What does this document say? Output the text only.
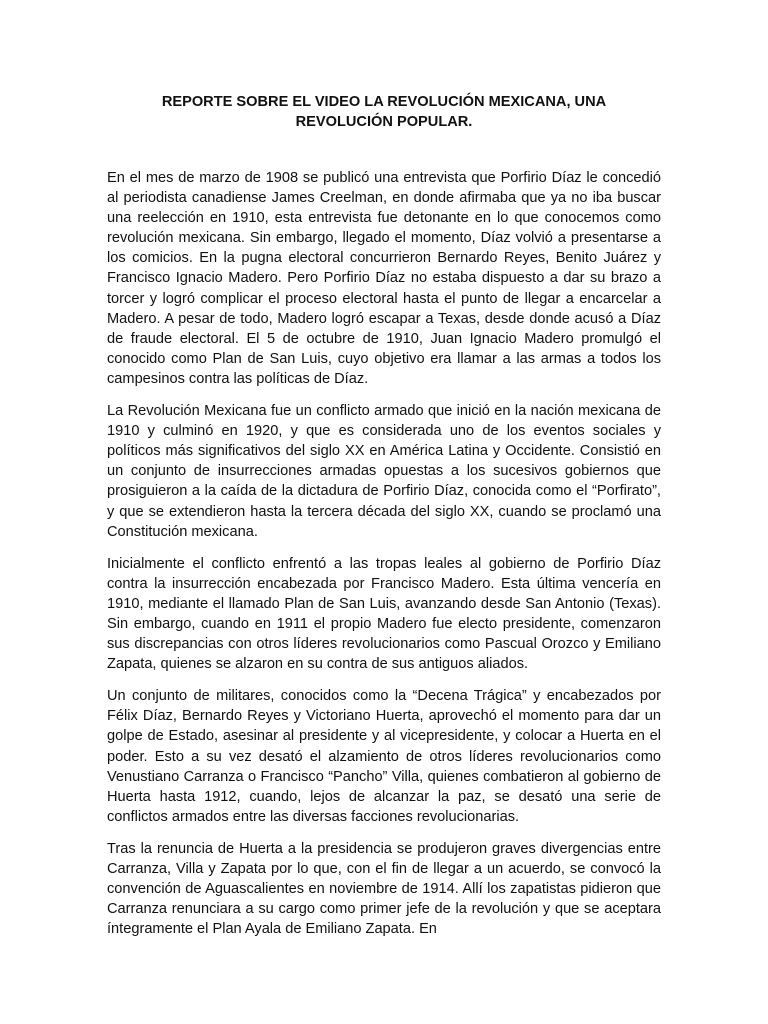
REPORTE SOBRE EL VIDEO LA REVOLUCIÓN MEXICANA, UNA
REVOLUCIÓN POPULAR.

En el mes de marzo de 1908 se publicó una entrevista que Porfirio Díaz le concedió al periodista canadiense James Creelman, en donde afirmaba que ya no iba buscar una reelección en 1910, esta entrevista fue detonante en lo que conocemos como revolución mexicana. Sin embargo, llegado el momento, Díaz volvió a presentarse a los comicios. En la pugna electoral concurrieron Bernardo Reyes, Benito Juárez y Francisco Ignacio Madero. Pero Porfirio Díaz no estaba dispuesto a dar su brazo a torcer y logró complicar el proceso electoral hasta el punto de llegar a encarcelar a Madero. A pesar de todo, Madero logró escapar a Texas, desde donde acusó a Díaz de fraude electoral. El 5 de octubre de 1910, Juan Ignacio Madero promulgó el conocido como Plan de San Luis, cuyo objetivo era llamar a las armas a todos los campesinos contra las políticas de Díaz.

La Revolución Mexicana fue un conflicto armado que inició en la nación mexicana de 1910 y culminó en 1920, y que es considerada uno de los eventos sociales y políticos más significativos del siglo XX en América Latina y Occidente. Consistió en un conjunto de insurrecciones armadas opuestas a los sucesivos gobiernos que prosiguieron a la caída de la dictadura de Porfirio Díaz, conocida como el “Porfirato”, y que se extendieron hasta la tercera década del siglo XX, cuando se proclamó una Constitución mexicana.

Inicialmente el conflicto enfrentó a las tropas leales al gobierno de Porfirio Díaz contra la insurrección encabezada por Francisco Madero. Esta última vencería en 1910, mediante el llamado Plan de San Luis, avanzando desde San Antonio (Texas). Sin embargo, cuando en 1911 el propio Madero fue electo presidente, comenzaron sus discrepancias con otros líderes revolucionarios como Pascual Orozco y Emiliano Zapata, quienes se alzaron en su contra de sus antiguos aliados.

Un conjunto de militares, conocidos como la “Decena Trágica” y encabezados por Félix Díaz, Bernardo Reyes y Victoriano Huerta, aprovechó el momento para dar un golpe de Estado, asesinar al presidente y al vicepresidente, y colocar a Huerta en el poder. Esto a su vez desató el alzamiento de otros líderes revolucionarios como Venustiano Carranza o Francisco “Pancho” Villa, quienes combatieron al gobierno de Huerta hasta 1912, cuando, lejos de alcanzar la paz, se desató una serie de conflictos armados entre las diversas facciones revolucionarias.

Tras la renuncia de Huerta a la presidencia se produjeron graves divergencias entre Carranza, Villa y Zapata por lo que, con el fin de llegar a un acuerdo, se convocó la convención de Aguascalientes en noviembre de 1914. Allí los zapatistas pidieron que Carranza renunciara a su cargo como primer jefe de la revolución y que se aceptara íntegramente el Plan Ayala de Emiliano Zapata. En
